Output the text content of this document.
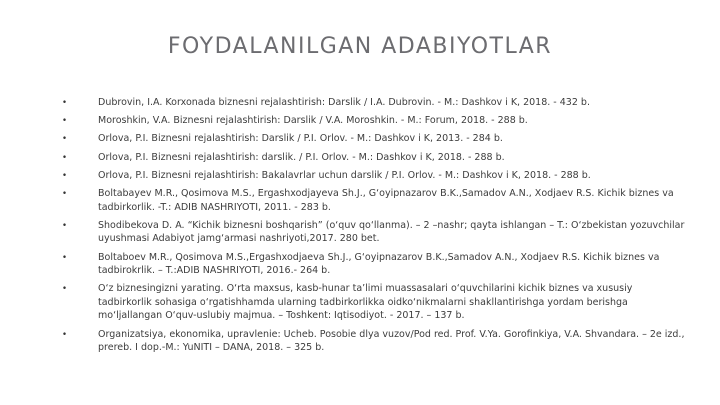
FOYDALANILGAN ADABIYOTLAR
•	Dubrovin, I.A. Korxonada biznesni rejalashtirish: Darslik / I.A. Dubrovin. - M.: Dashkov i K, 2018. - 432 b.
•	Moroshkin, V.A. Biznesni rejalashtirish: Darslik / V.A. Moroshkin. - M.: Forum, 2018. - 288 b.
•	Orlova, P.I. Biznesni rejalashtirish: Darslik / P.I. Orlov. - M.: Dashkov i K, 2013. - 284 b.
•	Orlova, P.I. Biznesni rejalashtirish: darslik. / P.I. Orlov. - M.: Dashkov i K, 2018. - 288 b.
•	Orlova, P.I. Biznesni rejalashtirish: Bakalavrlar uchun darslik / P.I. Orlov. - M.: Dashkov i K, 2018. - 288 b.
•	Boltabayev M.R., Qosimova M.S., Ergashxodjayeva Sh.J., G‘oyipnazarov B.K.,Samadov A.N., Xodjaev R.S. Kichik biznes va tadbirkorlik. -T.: ADIB NASHRIYOTI, 2011. - 283 b.
•	Shodibekova D. A. “Kichik biznesni boshqarish” (o‘quv qo‘llanma). – 2 –nashr; qayta ishlangan – T.: O‘zbekistan yozuvchilar uyushmasi Adabiyot jamg‘armasi nashriyoti,2017. 280 bet.
•	Boltaboev M.R., Qosimova M.S.,Ergashxodjaeva Sh.J., G‘oyipnazarov B.K.,Samadov A.N., Xodjaev R.S. Kichik biznes va tadbirokrlik. – T.:ADIB NASHRIYOTI, 2016.- 264 b.
•	O‘z biznesingizni yarating. O‘rta maxsus, kasb-hunar ta’limi muassasalari o‘quvchilarini kichik biznes va xususiy tadbirkorlik sohasiga o‘rgatishhamda ularning tadbirkorlikka oidko‘nikmalarni shakllantirishga yordam berishga mo‘ljallangan O‘quv-uslubiy majmua. – Toshkent: Iqtisodiyot. - 2017. – 137 b.
•	Organizatsiya, ekonomika, upravlenie: Ucheb. Posobie dlya vuzov/Pod red. Prof. V.Ya. Gorofinkiya, V.A. Shvandara. – 2e izd., prereb. I dop.-M.: YuNITI – DANA, 2018. – 325 b.
